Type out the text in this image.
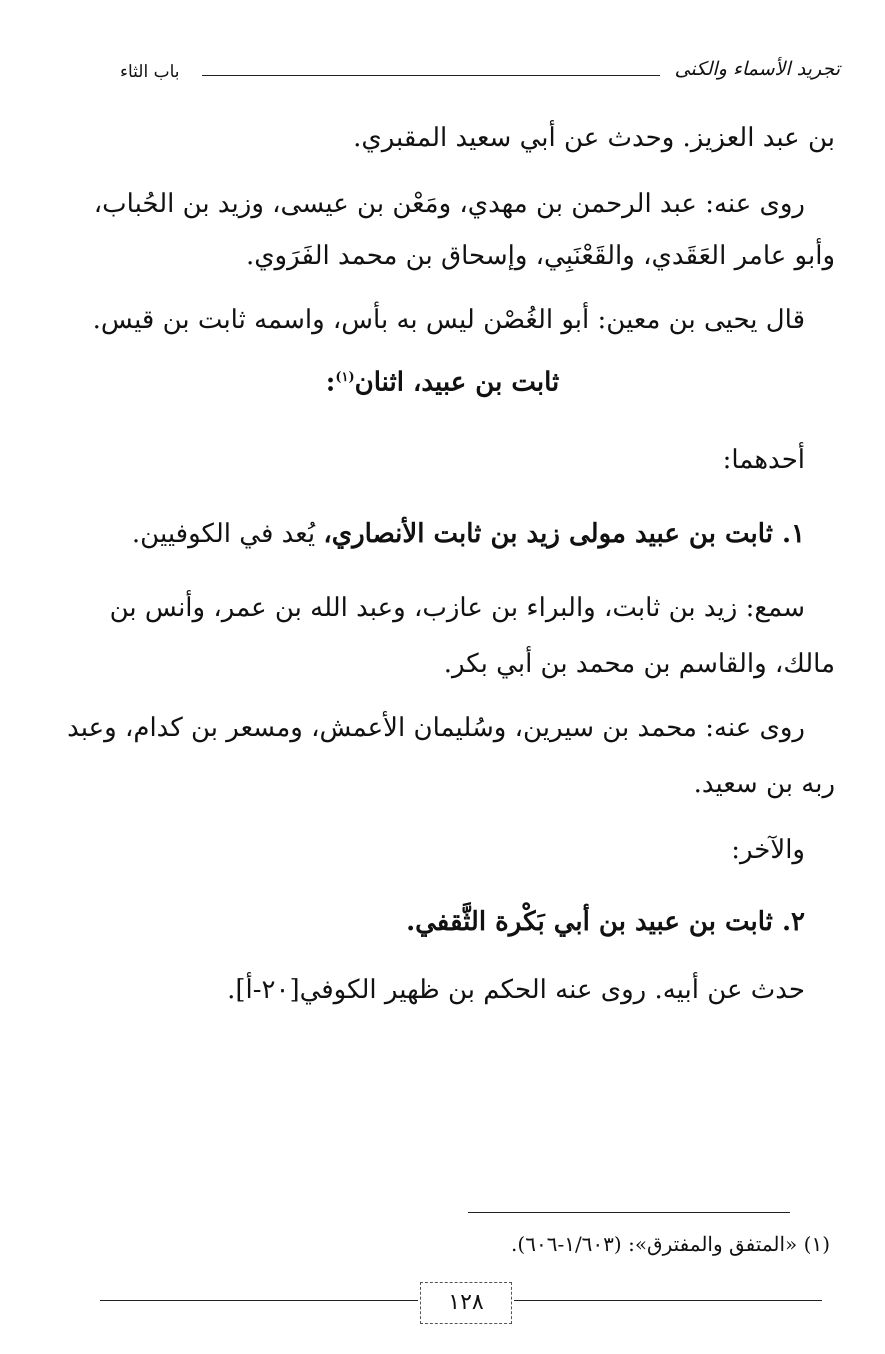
تجريد الأسماء والكنى
باب الثاء
بن عبد العزيز. وحدث عن أبي سعيد المقبري.
روى عنه: عبد الرحمن بن مهدي، ومَعْن بن عيسى، وزيد بن الحُباب،
وأبو عامر العَقَدي، والقَعْنَبِي، وإسحاق بن محمد الفَرَوي.
قال يحيى بن معين: أبو الغُصْن ليس به بأس، واسمه ثابت بن قيس.
ثابت بن عبيد، اثنان$^{(١)}$:
أحدهما:
١. ثابت بن عبيد مولى زيد بن ثابت الأنصاري، يُعد في الكوفيين.
سمع: زيد بن ثابت، والبراء بن عازب، وعبد الله بن عمر، وأنس بن
مالك، والقاسم بن محمد بن أبي بكر.
روى عنه: محمد بن سيرين، وسُليمان الأعمش، ومسعر بن كدام، وعبد
ربه بن سعيد.
والآخر:
٢. ثابت بن عبيد بن أبي بَكْرة الثَّقفي.
حدث عن أبيه. روى عنه الحكم بن ظهير الكوفي[٢٠-أ].
(١) «المتفق والمفترق»: (١/٦٠٣-٦٠٦).
١٢٨
